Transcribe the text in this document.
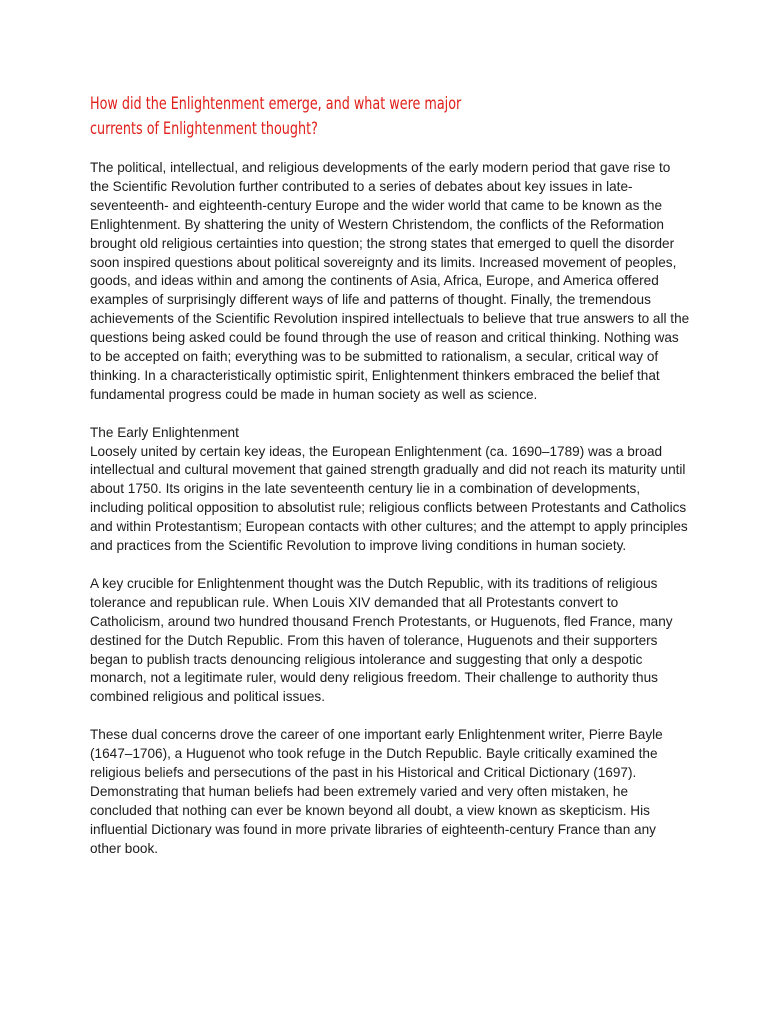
How did the Enlightenment emerge, and what were major
currents of Enlightenment thought?

The political, intellectual, and religious developments of the early modern period that gave rise to the Scientific Revolution further contributed to a series of debates about key issues in late-seventeenth- and eighteenth-century Europe and the wider world that came to be known as the Enlightenment. By shattering the unity of Western Christendom, the conflicts of the Reformation brought old religious certainties into question; the strong states that emerged to quell the disorder soon inspired questions about political sovereignty and its limits. Increased movement of peoples, goods, and ideas within and among the continents of Asia, Africa, Europe, and America offered examples of surprisingly different ways of life and patterns of thought. Finally, the tremendous achievements of the Scientific Revolution inspired intellectuals to believe that true answers to all the questions being asked could be found through the use of reason and critical thinking. Nothing was to be accepted on faith; everything was to be submitted to rationalism, a secular, critical way of thinking. In a characteristically optimistic spirit, Enlightenment thinkers embraced the belief that fundamental progress could be made in human society as well as science.

The Early Enlightenment
Loosely united by certain key ideas, the European Enlightenment (ca. 1690–1789) was a broad intellectual and cultural movement that gained strength gradually and did not reach its maturity until about 1750. Its origins in the late seventeenth century lie in a combination of developments, including political opposition to absolutist rule; religious conflicts between Protestants and Catholics and within Protestantism; European contacts with other cultures; and the attempt to apply principles and practices from the Scientific Revolution to improve living conditions in human society.

A key crucible for Enlightenment thought was the Dutch Republic, with its traditions of religious tolerance and republican rule. When Louis XIV demanded that all Protestants convert to Catholicism, around two hundred thousand French Protestants, or Huguenots, fled France, many destined for the Dutch Republic. From this haven of tolerance, Huguenots and their supporters began to publish tracts denouncing religious intolerance and suggesting that only a despotic monarch, not a legitimate ruler, would deny religious freedom. Their challenge to authority thus combined religious and political issues.

These dual concerns drove the career of one important early Enlightenment writer, Pierre Bayle (1647–1706), a Huguenot who took refuge in the Dutch Republic. Bayle critically examined the religious beliefs and persecutions of the past in his Historical and Critical Dictionary (1697). Demonstrating that human beliefs had been extremely varied and very often mistaken, he concluded that nothing can ever be known beyond all doubt, a view known as skepticism. His influential Dictionary was found in more private libraries of eighteenth-century France than any other book.
